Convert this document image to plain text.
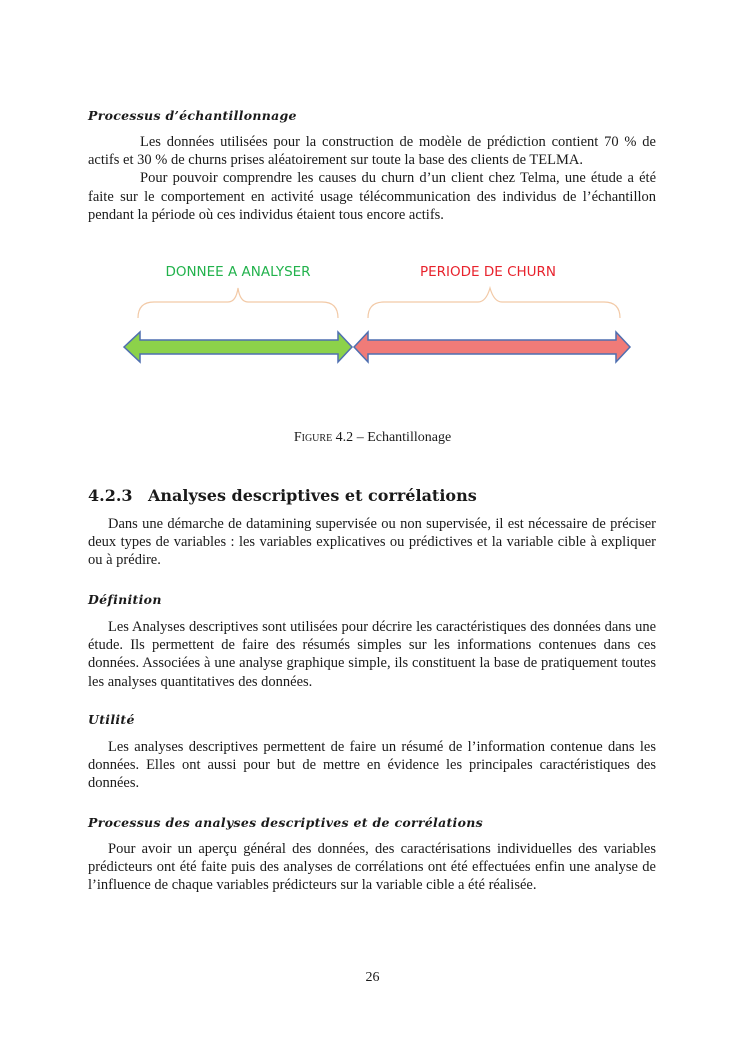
Processus d’échantillonnage

Les données utilisées pour la construction de modèle de prédiction contient 70 % de actifs et 30 % de churns prises aléatoirement sur toute la base des clients de TELMA.

Pour pouvoir comprendre les causes du churn d’un client chez Telma, une étude a été faite sur le comportement en activité usage télécommunication des individus de l’échantillon pendant la période où ces individus étaient tous encore actifs.

DONNEE A ANALYSER	PERIODE DE CHURN
Figure 4.2 – Echantillonage
4.2.3 Analyses descriptives et corrélations

Dans une démarche de datamining supervisée ou non supervisée, il est nécessaire de préciser deux types de variables : les variables explicatives ou prédictives et la variable cible à expliquer ou à prédire.

Définition

Les Analyses descriptives sont utilisées pour décrire les caractéristiques des données dans une étude. Ils permettent de faire des résumés simples sur les informations contenues dans ces données. Associées à une analyse graphique simple, ils constituent la base de pratiquement toutes les analyses quantitatives des données.

Utilité

Les analyses descriptives permettent de faire un résumé de l’information contenue dans les données. Elles ont aussi pour but de mettre en évidence les principales caractéristiques des données.

Processus des analyses descriptives et de corrélations

Pour avoir un aperçu général des données, des caractérisations individuelles des variables prédicteurs ont été faite puis des analyses de corrélations ont été effectuées enfin une analyse de l’influence de chaque variables prédicteurs sur la variable cible a été réalisée.

26
